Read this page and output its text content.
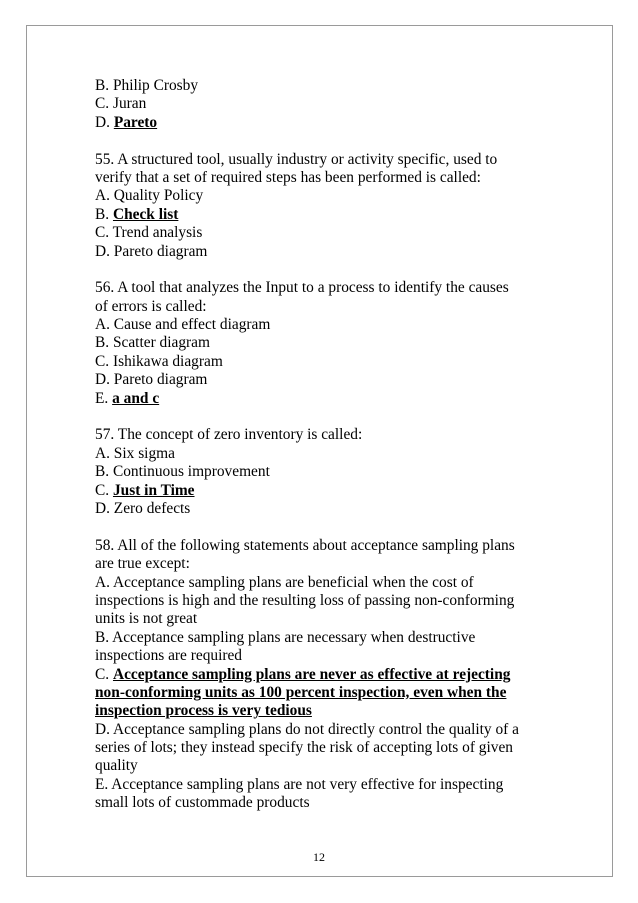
B. Philip Crosby
C. Juran
D. Pareto
55. A structured tool, usually industry or activity specific, used to
verify that a set of required steps has been performed is called:
A. Quality Policy
B. Check list
C. Trend analysis
D. Pareto diagram
56. A tool that analyzes the Input to a process to identify the causes
of errors is called:
A. Cause and effect diagram
B. Scatter diagram
C. Ishikawa diagram
D. Pareto diagram
E. a and c
57. The concept of zero inventory is called:
A. Six sigma
B. Continuous improvement
C. Just in Time
D. Zero defects
58. All of the following statements about acceptance sampling plans
are true except:
A. Acceptance sampling plans are beneficial when the cost of
inspections is high and the resulting loss of passing non-conforming
units is not great
B. Acceptance sampling plans are necessary when destructive
inspections are required
C. Acceptance sampling plans are never as effective at rejecting
non-conforming units as 100 percent inspection, even when the
inspection process is very tedious
D. Acceptance sampling plans do not directly control the quality of a
series of lots; they instead specify the risk of accepting lots of given
quality
E. Acceptance sampling plans are not very effective for inspecting
small lots of custommade products
12
